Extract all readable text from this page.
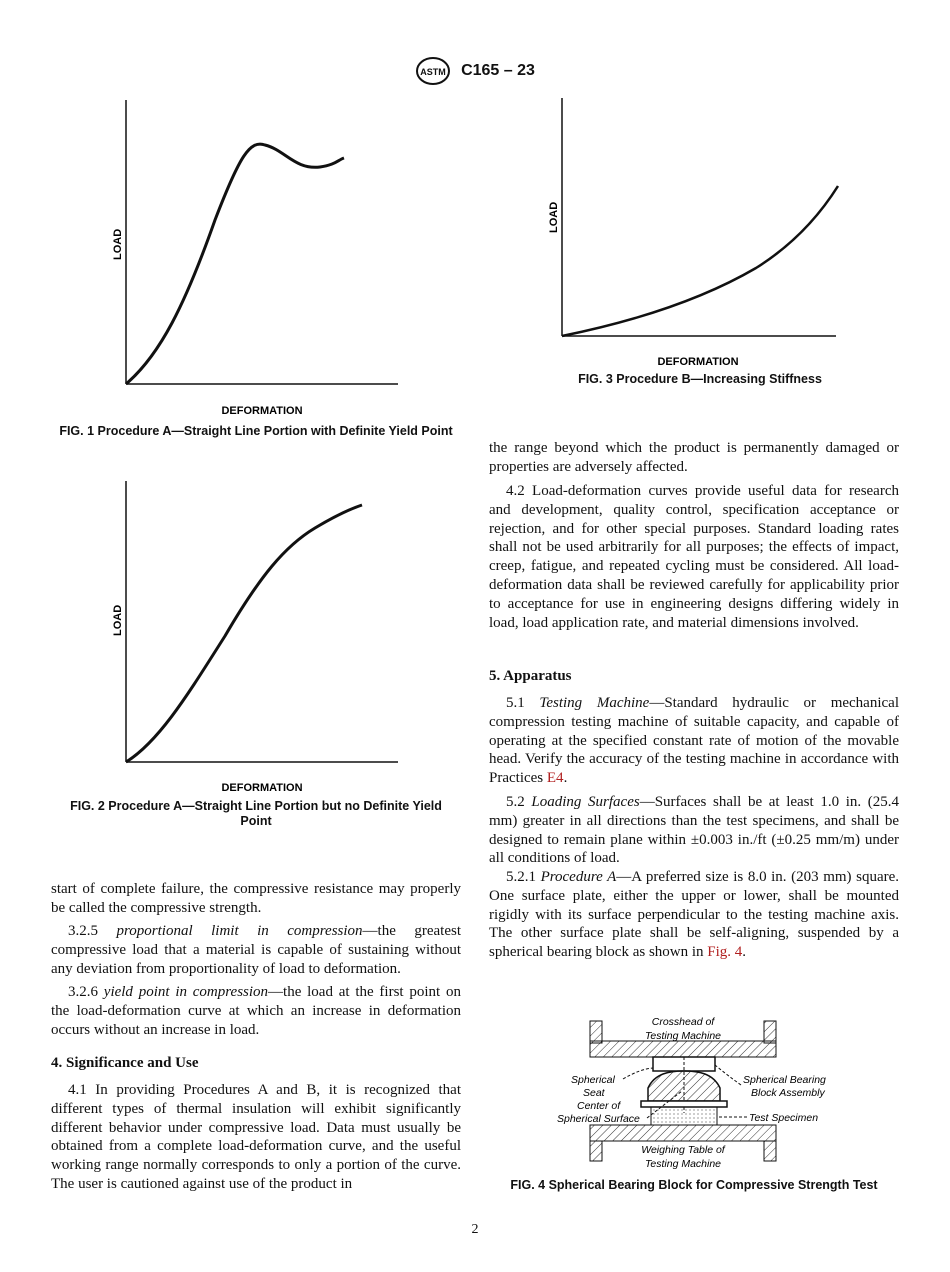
ASTM C165 – 23
LOAD
DEFORMATION
FIG. 1 Procedure A—Straight Line Portion with Definite Yield Point
LOAD
DEFORMATION
FIG. 2 Procedure A—Straight Line Portion but no Definite Yield Point
LOAD
DEFORMATION
FIG. 3 Procedure B—Increasing Stiffness

start of complete failure, the compressive resistance may properly be called the compressive strength.

3.2.5 proportional limit in compression—the greatest compressive load that a material is capable of sustaining without any deviation from proportionality of load to deformation.

3.2.6 yield point in compression—the load at the first point on the load-deformation curve at which an increase in deformation occurs without an increase in load.

4. Significance and Use

4.1 In providing Procedures A and B, it is recognized that different types of thermal insulation will exhibit significantly different behavior under compressive load. Data must usually be obtained from a complete load-deformation curve, and the useful working range normally corresponds to only a portion of the curve. The user is cautioned against use of the product in

the range beyond which the product is permanently damaged or properties are adversely affected.

4.2 Load-deformation curves provide useful data for research and development, quality control, specification acceptance or rejection, and for other special purposes. Standard loading rates shall not be used arbitrarily for all purposes; the effects of impact, creep, fatigue, and repeated cycling must be considered. All load-deformation data shall be reviewed carefully for applicability prior to acceptance for use in engineering designs differing widely in load, load application rate, and material dimensions involved.

5. Apparatus

5.1 Testing Machine—Standard hydraulic or mechanical compression testing machine of suitable capacity, and capable of operating at the specified constant rate of motion of the movable head. Verify the accuracy of the testing machine in accordance with Practices E4.

5.2 Loading Surfaces—Surfaces shall be at least 1.0 in. (25.4 mm) greater in all directions than the test specimens, and shall be designed to remain plane within ±0.003 in./ft (±0.25 mm/m) under all conditions of load.

5.2.1 Procedure A—A preferred size is 8.0 in. (203 mm) square. One surface plate, either the upper or lower, shall be mounted rigidly with its surface perpendicular to the testing machine axis. The other surface plate shall be self-aligning, suspended by a spherical bearing block as shown in Fig. 4.

Crosshead of
Testing Machine
Spherical
Seat
Center of
Spherical Surface
Spherical Bearing
Block Assembly
Test Specimen
Weighing Table of
Testing Machine
FIG. 4 Spherical Bearing Block for Compressive Strength Test
2
